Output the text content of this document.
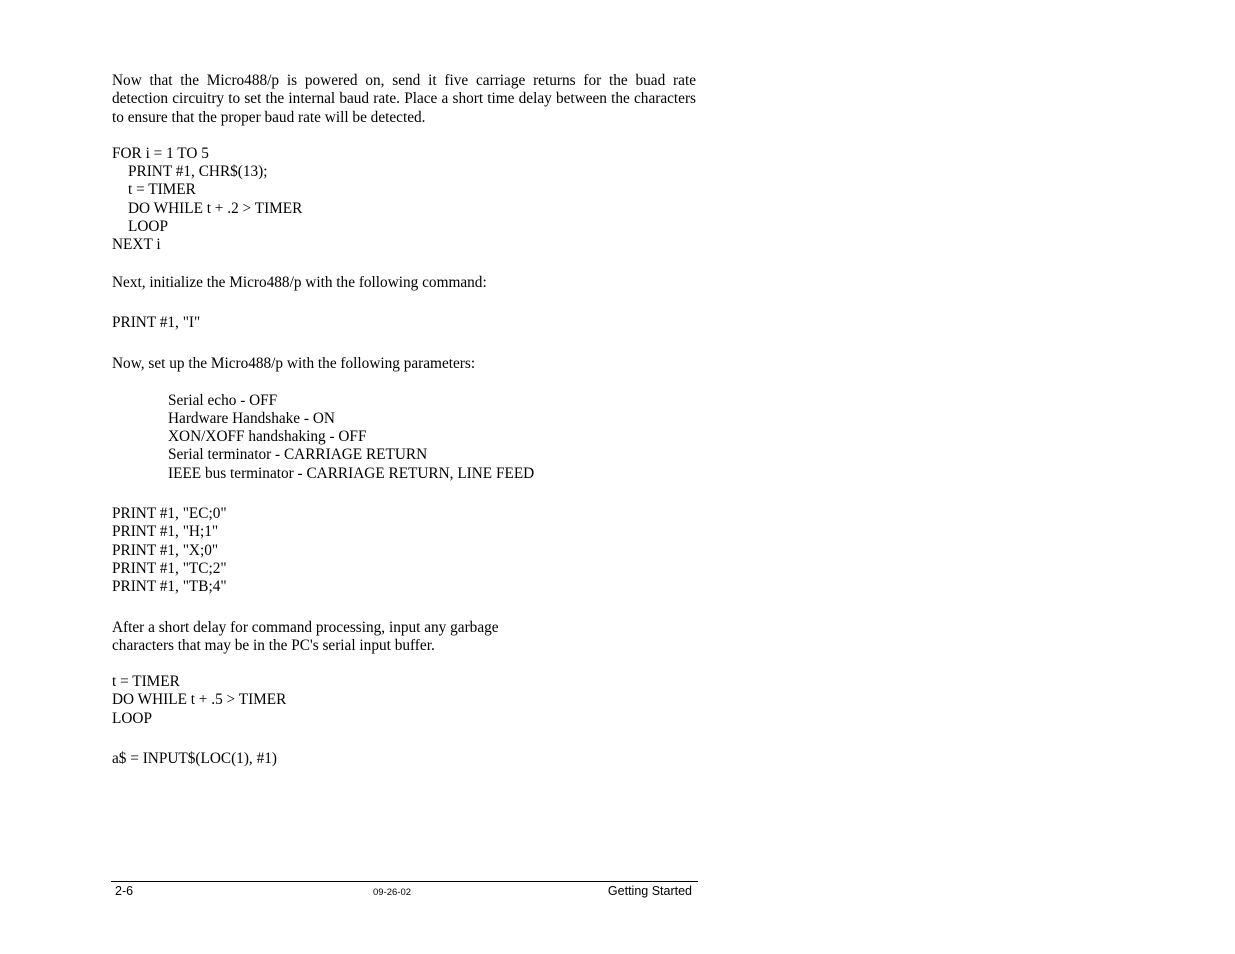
Now that the Micro488/p is powered on, send it five carriage returns for the buad rate detection circuitry to set the internal baud rate. Place a short time delay between the characters to ensure that the proper baud rate will be detected.

FOR i = 1 TO 5

PRINT #1, CHR$(13);

t = TIMER

DO WHILE t + .2 > TIMER

LOOP

NEXT i

Next, initialize the Micro488/p with the following command:

PRINT #1, "I"

Now, set up the Micro488/p with the following parameters:

Serial echo - OFF

Hardware Handshake - ON

XON/XOFF handshaking - OFF

Serial terminator - CARRIAGE RETURN

IEEE bus terminator - CARRIAGE RETURN, LINE FEED

PRINT #1, "EC;0"

PRINT #1, "H;1"

PRINT #1, "X;0"

PRINT #1, "TC;2"

PRINT #1, "TB;4"

After a short delay for command processing, input any garbage

characters that may be in the PC's serial input buffer.

t = TIMER

DO WHILE t + .5 > TIMER

LOOP

a$ = INPUT$(LOC(1), #1)

2-6	09-26-02	Getting Started
